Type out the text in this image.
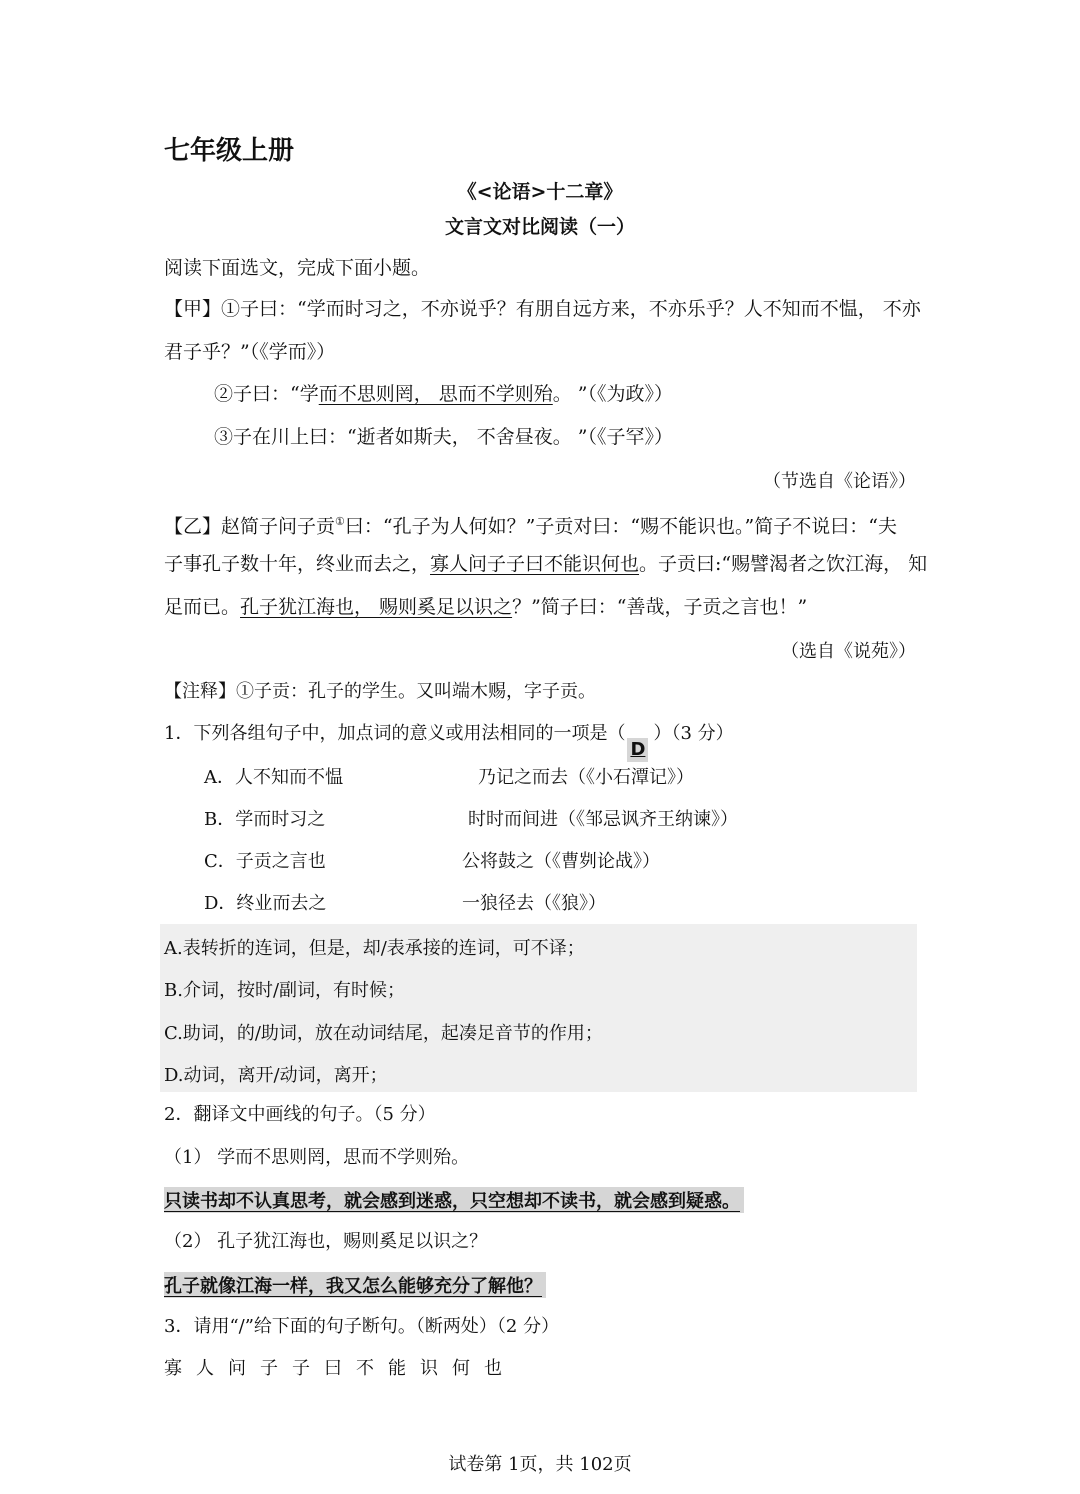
七年级上册
《<论语>十二章》
文言文对比阅读（一）
阅读下面选文，完成下面小题。
【甲】①子曰：“学而时习之，不亦说乎？有朋自远方来，不亦乐乎？人不知而不愠， 不亦
君子乎？”（《学而》）
②子曰：“学而不思则罔， 思而不学则殆。 ”（《为政》）
③子在川上曰：“逝者如斯夫， 不舍昼夜。 ”（《子罕》）
（节选自《论语》）
【乙】赵简子问子贡①曰：“孔子为人何如？”子贡对曰：“赐不能识也。”简子不说曰：“夫
子事孔子数十年，终业而去之，寡人问子子曰不能识何也。子贡曰:“赐譬渴者之饮江海， 知
足而已。孔子犹江海也， 赐则奚足以识之？”简子曰：“善哉，子贡之言也！”
（选自《说苑》）
【注释】①子贡：孔子的学生。又叫端木赐，字子贡。
1．下列各组句子中，加点词的意义或用法相同的一项是（
D
）（3 分）
A．人不知而不愠	乃记之而去（《小石潭记》）
B．学而时习之	时时而间进（《邹忌讽齐王纳谏》）
C．子贡之言也	公将鼓之（《曹刿论战》）
D．终业而去之	一狼径去（《狼》）
A.表转折的连词，但是，却/表承接的连词，可不译；
B.介词，按时/副词，有时候；
C.助词，的/助词，放在动词结尾，起凑足音节的作用；
D.动词，离开/动词，离开；
2．翻译文中画线的句子。（5 分）
（1） 学而不思则罔，思而不学则殆。
只读书却不认真思考，就会感到迷惑，只空想却不读书，就会感到疑惑。
（2） 孔子犹江海也，赐则奚足以识之？
孔子就像江海一样，我又怎么能够充分了解他？
3．请用“/”给下面的句子断句。（断两处）（2 分）
寡人问子子曰不能识何也
试卷第 1页，共 102页
